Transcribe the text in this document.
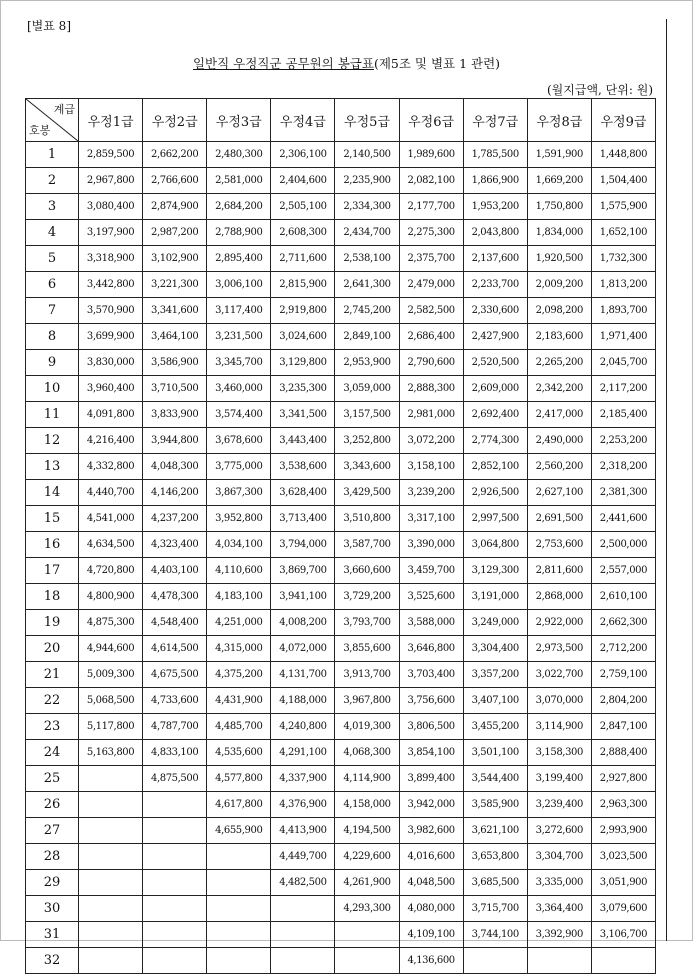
[별표 8]
일반직 우정직군 공무원의 봉급표(제5조 및 별표 1 관련)
(월지급액, 단위: 원)
계급
호봉	우정1급	우정2급	우정3급	우정4급	우정5급	우정6급	우정7급	우정8급	우정9급
1	2,859,500	2,662,200	2,480,300	2,306,100	2,140,500	1,989,600	1,785,500	1,591,900	1,448,800
2	2,967,800	2,766,600	2,581,000	2,404,600	2,235,900	2,082,100	1,866,900	1,669,200	1,504,400
3	3,080,400	2,874,900	2,684,200	2,505,100	2,334,300	2,177,700	1,953,200	1,750,800	1,575,900
4	3,197,900	2,987,200	2,788,900	2,608,300	2,434,700	2,275,300	2,043,800	1,834,000	1,652,100
5	3,318,900	3,102,900	2,895,400	2,711,600	2,538,100	2,375,700	2,137,600	1,920,500	1,732,300
6	3,442,800	3,221,300	3,006,100	2,815,900	2,641,300	2,479,000	2,233,700	2,009,200	1,813,200
7	3,570,900	3,341,600	3,117,400	2,919,800	2,745,200	2,582,500	2,330,600	2,098,200	1,893,700
8	3,699,900	3,464,100	3,231,500	3,024,600	2,849,100	2,686,400	2,427,900	2,183,600	1,971,400
9	3,830,000	3,586,900	3,345,700	3,129,800	2,953,900	2,790,600	2,520,500	2,265,200	2,045,700
10	3,960,400	3,710,500	3,460,000	3,235,300	3,059,000	2,888,300	2,609,000	2,342,200	2,117,200
11	4,091,800	3,833,900	3,574,400	3,341,500	3,157,500	2,981,000	2,692,400	2,417,000	2,185,400
12	4,216,400	3,944,800	3,678,600	3,443,400	3,252,800	3,072,200	2,774,300	2,490,000	2,253,200
13	4,332,800	4,048,300	3,775,000	3,538,600	3,343,600	3,158,100	2,852,100	2,560,200	2,318,200
14	4,440,700	4,146,200	3,867,300	3,628,400	3,429,500	3,239,200	2,926,500	2,627,100	2,381,300
15	4,541,000	4,237,200	3,952,800	3,713,400	3,510,800	3,317,100	2,997,500	2,691,500	2,441,600
16	4,634,500	4,323,400	4,034,100	3,794,000	3,587,700	3,390,000	3,064,800	2,753,600	2,500,000
17	4,720,800	4,403,100	4,110,600	3,869,700	3,660,600	3,459,700	3,129,300	2,811,600	2,557,000
18	4,800,900	4,478,300	4,183,100	3,941,100	3,729,200	3,525,600	3,191,000	2,868,000	2,610,100
19	4,875,300	4,548,400	4,251,000	4,008,200	3,793,700	3,588,000	3,249,000	2,922,000	2,662,300
20	4,944,600	4,614,500	4,315,000	4,072,000	3,855,600	3,646,800	3,304,400	2,973,500	2,712,200
21	5,009,300	4,675,500	4,375,200	4,131,700	3,913,700	3,703,400	3,357,200	3,022,700	2,759,100
22	5,068,500	4,733,600	4,431,900	4,188,000	3,967,800	3,756,600	3,407,100	3,070,000	2,804,200
23	5,117,800	4,787,700	4,485,700	4,240,800	4,019,300	3,806,500	3,455,200	3,114,900	2,847,100
24	5,163,800	4,833,100	4,535,600	4,291,100	4,068,300	3,854,100	3,501,100	3,158,300	2,888,400
25		4,875,500	4,577,800	4,337,900	4,114,900	3,899,400	3,544,400	3,199,400	2,927,800
26			4,617,800	4,376,900	4,158,000	3,942,000	3,585,900	3,239,400	2,963,300
27			4,655,900	4,413,900	4,194,500	3,982,600	3,621,100	3,272,600	2,993,900
28				4,449,700	4,229,600	4,016,600	3,653,800	3,304,700	3,023,500
29				4,482,500	4,261,900	4,048,500	3,685,500	3,335,000	3,051,900
30					4,293,300	4,080,000	3,715,700	3,364,400	3,079,600
31						4,109,100	3,744,100	3,392,900	3,106,700
32						4,136,600			
